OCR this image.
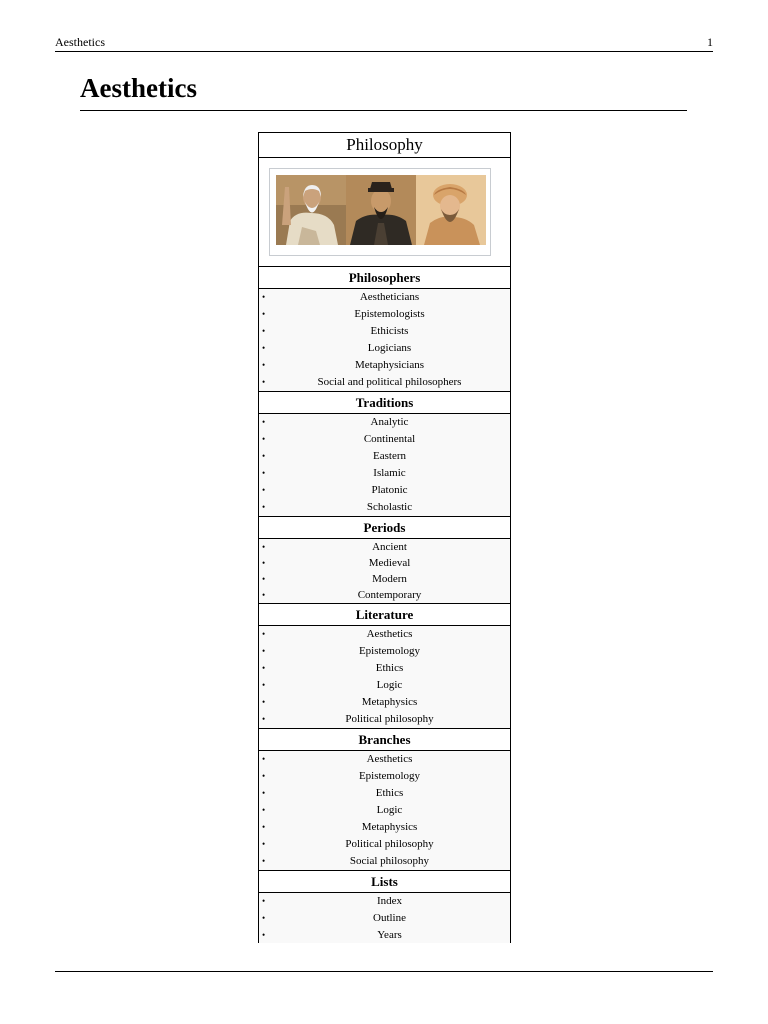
Aesthetics	1
Aesthetics
Philosophy
Philosophers
• Aestheticians
• Epistemologists
• Ethicists
• Logicians
• Metaphysicians
• Social and political philosophers
Traditions
• Analytic
• Continental
• Eastern
• Islamic
• Platonic
• Scholastic
Periods
• Ancient
• Medieval
• Modern
• Contemporary
Literature
• Aesthetics
• Epistemology
• Ethics
• Logic
• Metaphysics
• Political philosophy
Branches
• Aesthetics
• Epistemology
• Ethics
• Logic
• Metaphysics
• Political philosophy
• Social philosophy
Lists
• Index
• Outline
• Years
